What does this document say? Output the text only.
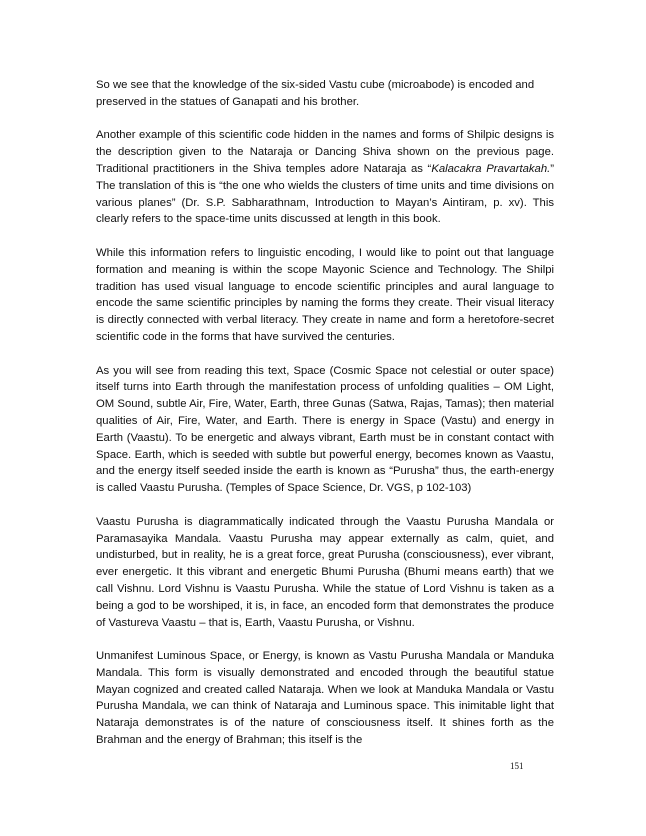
So we see that the knowledge of the six-sided Vastu cube (microabode) is encoded and preserved in the statues of Ganapati and his brother.

Another example of this scientific code hidden in the names and forms of Shilpic designs is the description given to the Nataraja or Dancing Shiva shown on the previous page. Traditional practitioners in the Shiva temples adore Nataraja as “Kalacakra Pravartakah.” The translation of this is “the one who wields the clusters of time units and time divisions on various planes” (Dr. S.P. Sabharathnam, Introduction to Mayan’s Aintiram, p. xv). This clearly refers to the space-time units discussed at length in this book.

While this information refers to linguistic encoding, I would like to point out that language formation and meaning is within the scope Mayonic Science and Technology. The Shilpi tradition has used visual language to encode scientific principles and aural language to encode the same scientific principles by naming the forms they create. Their visual literacy is directly connected with verbal literacy. They create in name and form a heretofore-secret scientific code in the forms that have survived the centuries.

As you will see from reading this text, Space (Cosmic Space not celestial or outer space) itself turns into Earth through the manifestation process of unfolding qualities – OM Light, OM Sound, subtle Air, Fire, Water, Earth, three Gunas (Satwa, Rajas, Tamas); then material qualities of Air, Fire, Water, and Earth. There is energy in Space (Vastu) and energy in Earth (Vaastu). To be energetic and always vibrant, Earth must be in constant contact with Space. Earth, which is seeded with subtle but powerful energy, becomes known as Vaastu, and the energy itself seeded inside the earth is known as “Purusha” thus, the earth-energy is called Vaastu Purusha. (Temples of Space Science, Dr. VGS, p 102-103)

Vaastu Purusha is diagrammatically indicated through the Vaastu Purusha Mandala or Paramasayika Mandala. Vaastu Purusha may appear externally as calm, quiet, and undisturbed, but in reality, he is a great force, great Purusha (consciousness), ever vibrant, ever energetic. It this vibrant and energetic Bhumi Purusha (Bhumi means earth) that we call Vishnu. Lord Vishnu is Vaastu Purusha. While the statue of Lord Vishnu is taken as a being a god to be worshiped, it is, in face, an encoded form that demonstrates the produce of Vastureva Vaastu – that is, Earth, Vaastu Purusha, or Vishnu.

Unmanifest Luminous Space, or Energy, is known as Vastu Purusha Mandala or Manduka Mandala. This form is visually demonstrated and encoded through the beautiful statue Mayan cognized and created called Nataraja. When we look at Manduka Mandala or Vastu Purusha Mandala, we can think of Nataraja and Luminous space. This inimitable light that Nataraja demonstrates is of the nature of consciousness itself. It shines forth as the Brahman and the energy of Brahman; this itself is the

151
